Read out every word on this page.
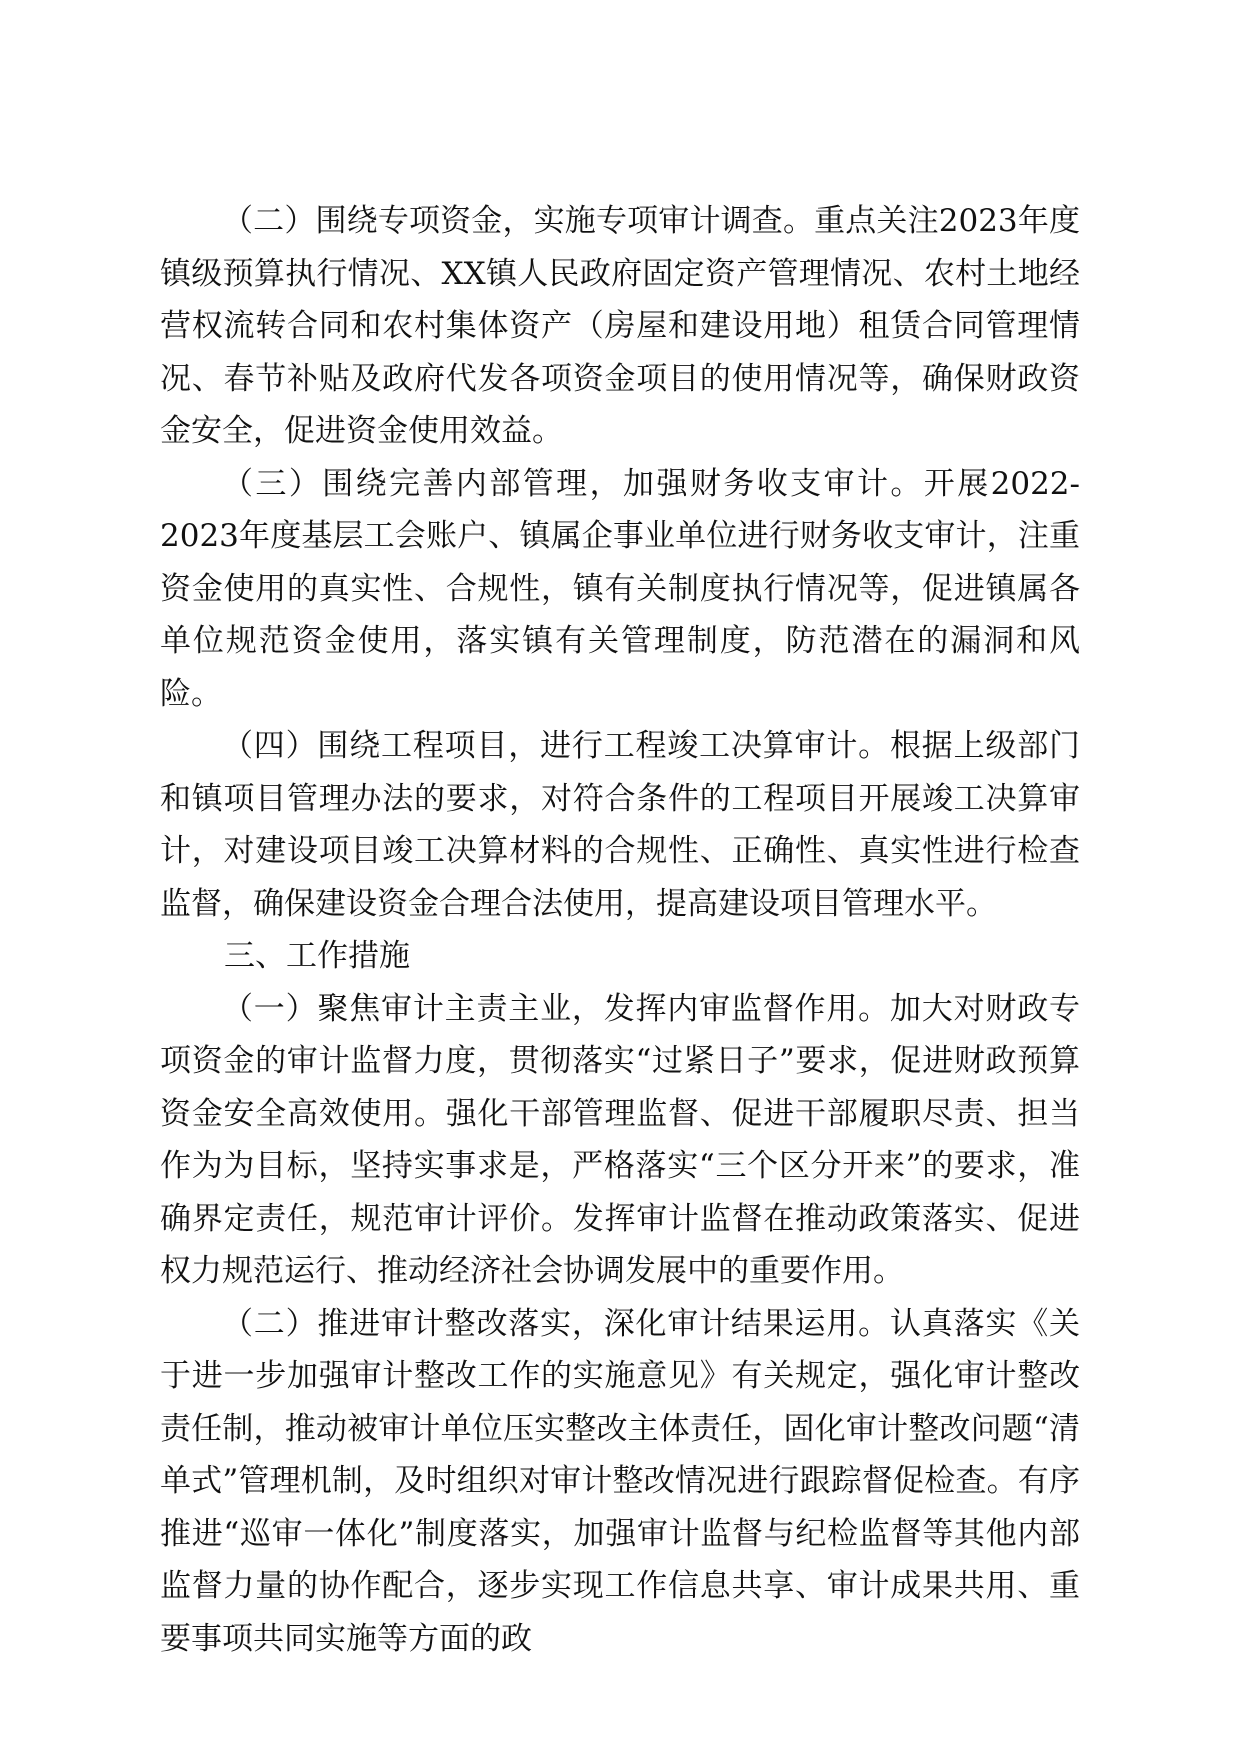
（二）围绕专项资金，实施专项审计调查。重点关注2023年度镇级预算执行情况、XX镇人民政府固定资产管理情况、农村土地经营权流转合同和农村集体资产（房屋和建设用地）租赁合同管理情况、春节补贴及政府代发各项资金项目的使用情况等，确保财政资金安全，促进资金使用效益。

（三）围绕完善内部管理，加强财务收支审计。开展2022-2023年度基层工会账户、镇属企事业单位进行财务收支审计，注重资金使用的真实性、合规性，镇有关制度执行情况等，促进镇属各单位规范资金使用，落实镇有关管理制度，防范潜在的漏洞和风险。

（四）围绕工程项目，进行工程竣工决算审计。根据上级部门和镇项目管理办法的要求，对符合条件的工程项目开展竣工决算审计，对建设项目竣工决算材料的合规性、正确性、真实性进行检查监督，确保建设资金合理合法使用，提高建设项目管理水平。

三、工作措施

（一）聚焦审计主责主业，发挥内审监督作用。加大对财政专项资金的审计监督力度，贯彻落实“过紧日子”要求，促进财政预算资金安全高效使用。强化干部管理监督、促进干部履职尽责、担当作为为目标，坚持实事求是，严格落实“三个区分开来”的要求，准确界定责任，规范审计评价。发挥审计监督在推动政策落实、促进权力规范运行、推动经济社会协调发展中的重要作用。

（二）推进审计整改落实，深化审计结果运用。认真落实《关于进一步加强审计整改工作的实施意见》有关规定，强化审计整改责任制，推动被审计单位压实整改主体责任，固化审计整改问题“清单式”管理机制，及时组织对审计整改情况进行跟踪督促检查。有序推进“巡审一体化”制度落实，加强审计监督与纪检监督等其他内部监督力量的协作配合，逐步实现工作信息共享、审计成果共用、重要事项共同实施等方面的政
